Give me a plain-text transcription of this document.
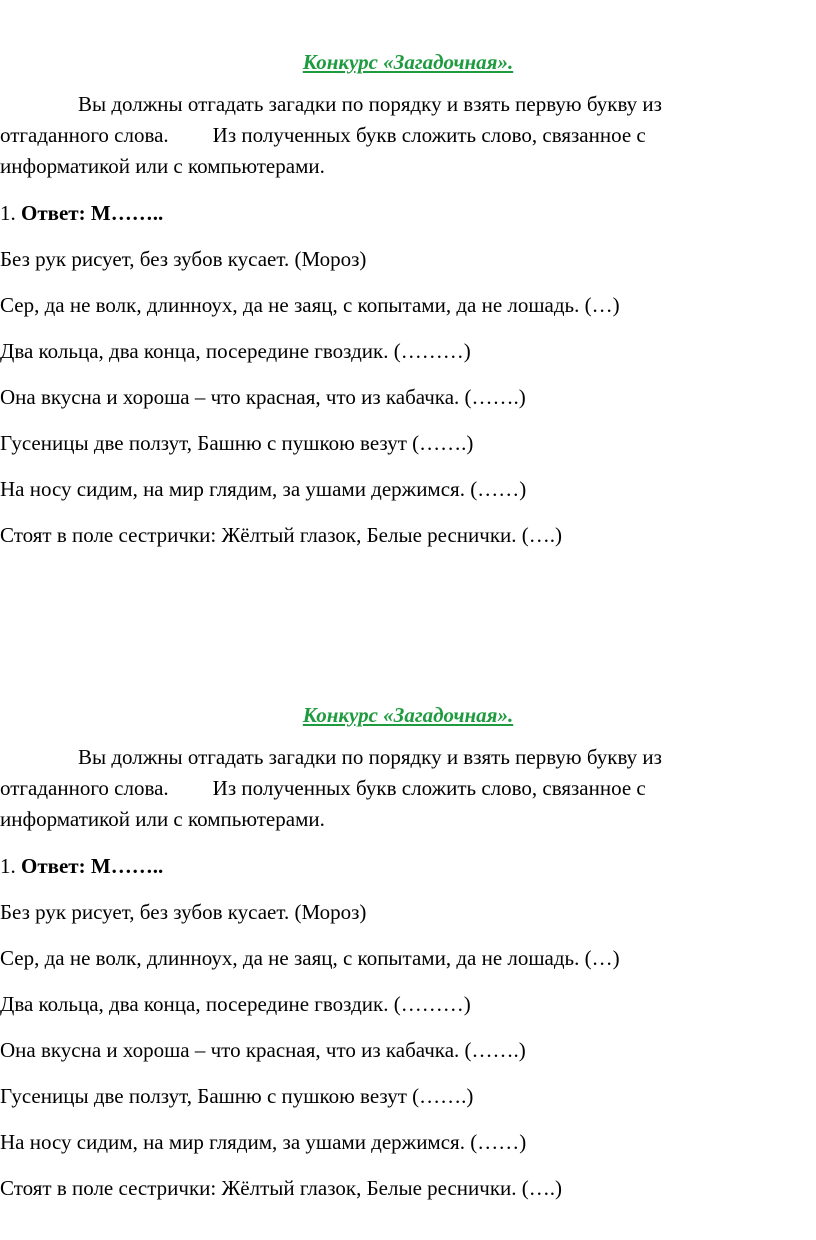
Конкурс «Загадочная».

Вы должны отгадать загадки по порядку и взять первую букву из отгаданного слова. Из полученных букв сложить слово, связанное с информатикой или с компьютерами.

1. Ответ: М……..

Без рук рисует, без зубов кусает. (Мороз)

Сер, да не волк, длинноух, да не заяц, с копытами, да не лошадь. (…)

Два кольца, два конца, посередине гвоздик. (………)

Она вкусна и хороша – что красная, что из кабачка. (…….)

Гусеницы две ползут, Башню с пушкою везут (…….)

На носу сидим, на мир глядим, за ушами держимся. (……)

Стоят в поле сестрички: Жёлтый глазок, Белые реснички. (….)

Конкурс «Загадочная».

Вы должны отгадать загадки по порядку и взять первую букву из отгаданного слова. Из полученных букв сложить слово, связанное с информатикой или с компьютерами.

1. Ответ: М……..

Без рук рисует, без зубов кусает. (Мороз)

Сер, да не волк, длинноух, да не заяц, с копытами, да не лошадь. (…)

Два кольца, два конца, посередине гвоздик. (………)

Она вкусна и хороша – что красная, что из кабачка. (…….)

Гусеницы две ползут, Башню с пушкою везут (…….)

На носу сидим, на мир глядим, за ушами держимся. (……)

Стоят в поле сестрички: Жёлтый глазок, Белые реснички. (….)
